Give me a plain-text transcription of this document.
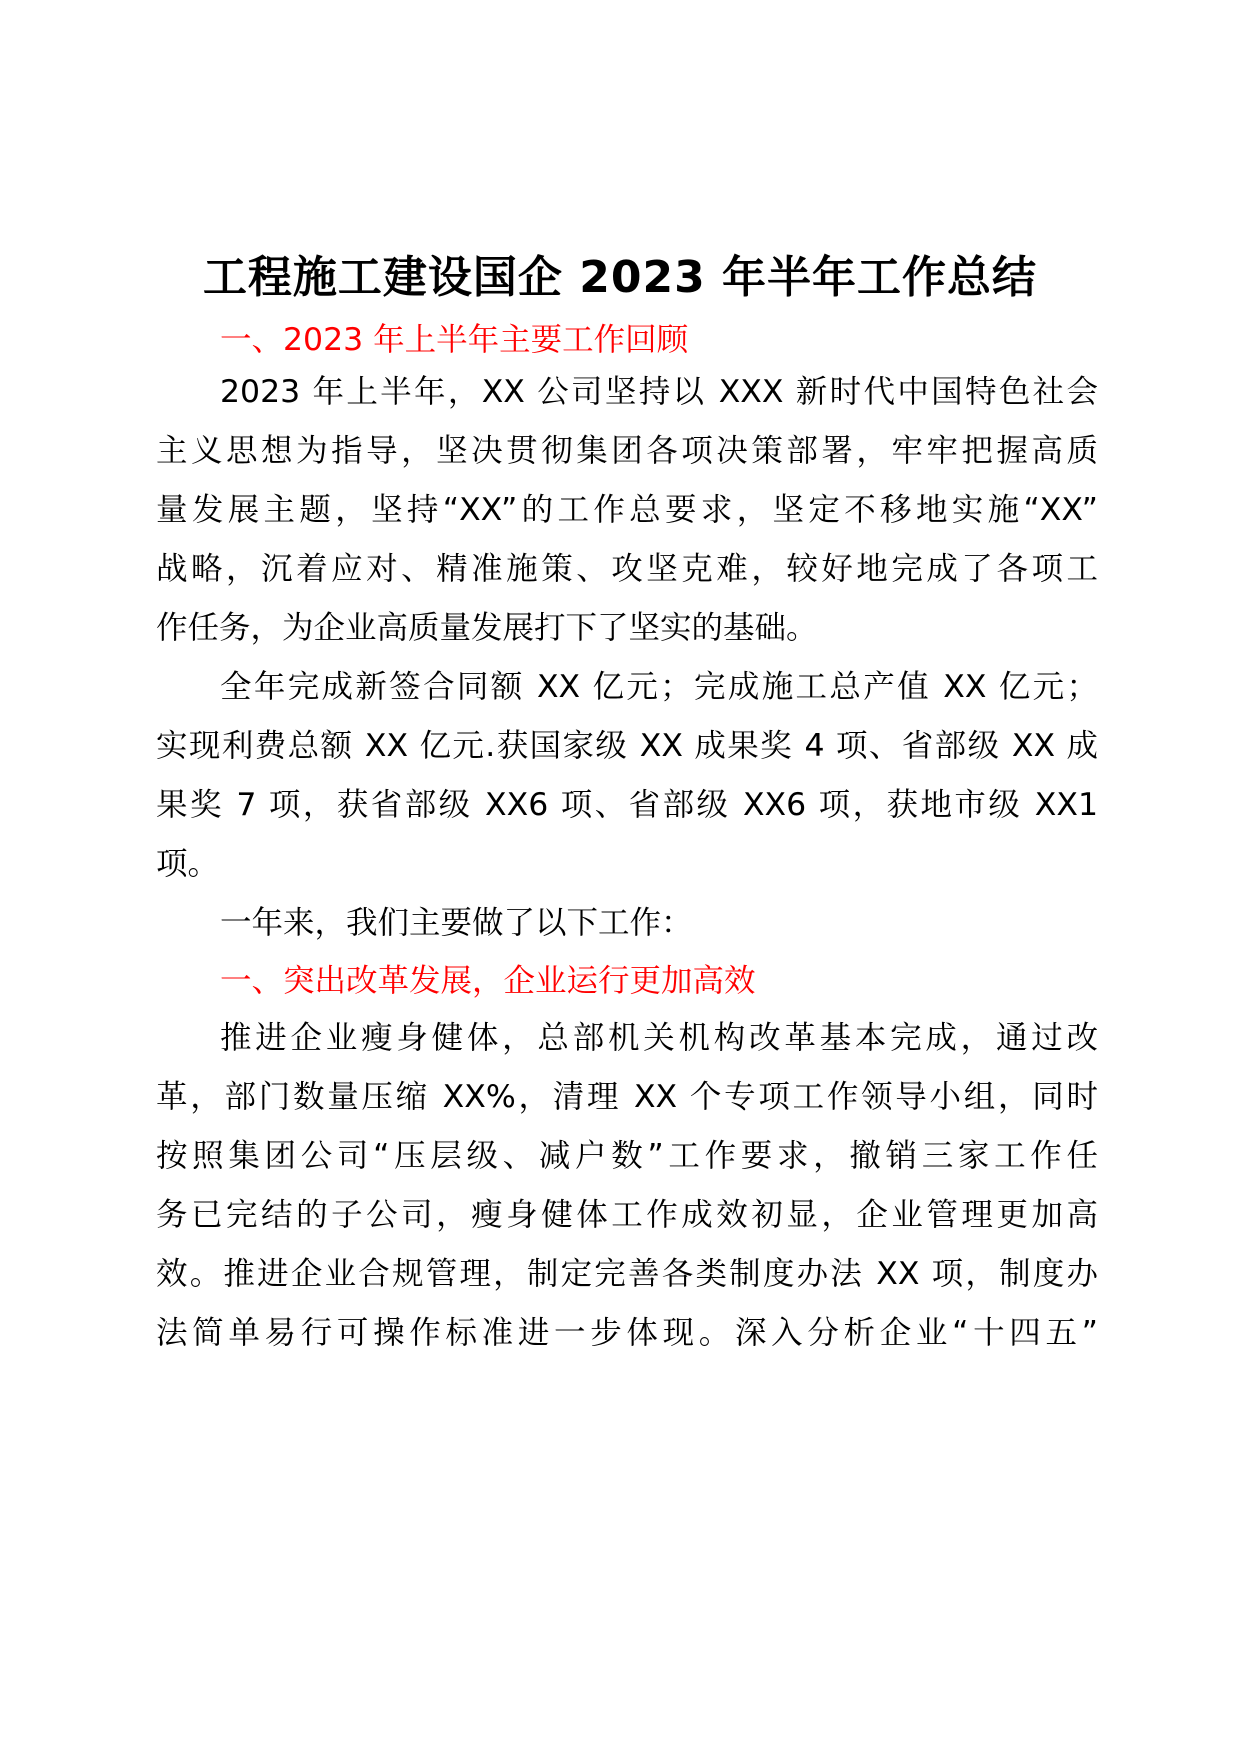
工程施工建设国企 2023 年半年工作总结
一、2023 年上半年主要工作回顾
2023 年上半年，XX 公司坚持以 XXX 新时代中国特色社会
主义思想为指导，坚决贯彻集团各项决策部署，牢牢把握高质
量发展主题，坚持“XX”的工作总要求，坚定不移地实施“XX”
战略，沉着应对、精准施策、攻坚克难，较好地完成了各项工
作任务，为企业高质量发展打下了坚实的基础。
全年完成新签合同额 XX 亿元；完成施工总产值 XX 亿元；
实现利费总额 XX 亿元.获国家级 XX 成果奖 4 项、省部级 XX 成
果奖 7 项，获省部级 XX6 项、省部级 XX6 项，获地市级 XX1
项。
一年来，我们主要做了以下工作：
一、突出改革发展，企业运行更加高效
推进企业瘦身健体，总部机关机构改革基本完成，通过改
革，部门数量压缩 XX%，清理 XX 个专项工作领导小组，同时
按照集团公司“压层级、减户数”工作要求，撤销三家工作任
务已完结的子公司，瘦身健体工作成效初显，企业管理更加高
效。推进企业合规管理，制定完善各类制度办法 XX 项，制度办
法简单易行可操作标准进一步体现。深入分析企业“十四五”
